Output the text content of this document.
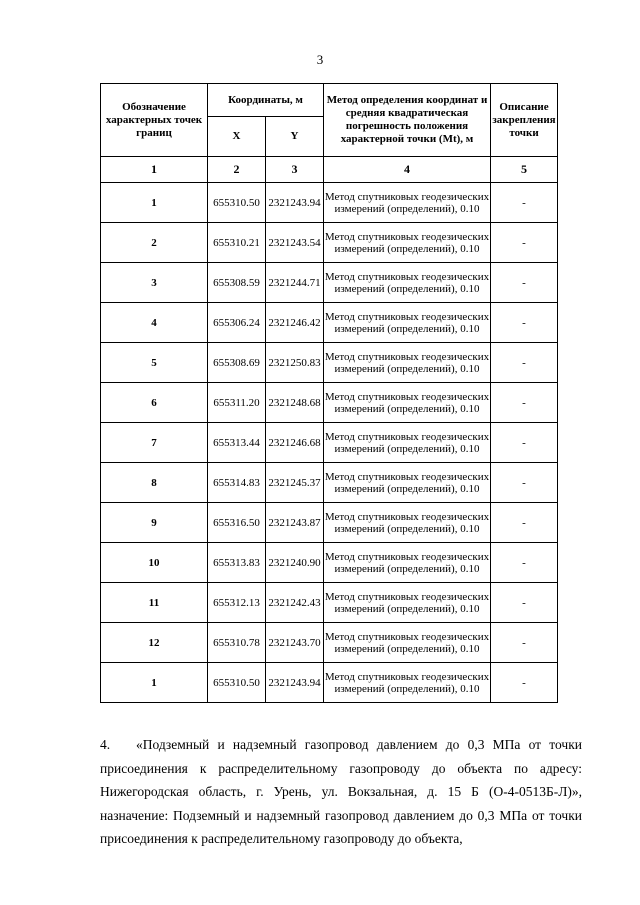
3
Обозначение характерных точек границ	Координаты, м		Метод определения координат и средняя квадратическая погрешность положения характерной точки (Mt), м	Описание закрепления точки
	X	Y		
1	2	3	4	5
1	655310.50	2321243.94	Метод спутниковых геодезических измерений (определений), 0.10	-
2	655310.21	2321243.54	Метод спутниковых геодезических измерений (определений), 0.10	-
3	655308.59	2321244.71	Метод спутниковых геодезических измерений (определений), 0.10	-
4	655306.24	2321246.42	Метод спутниковых геодезических измерений (определений), 0.10	-
5	655308.69	2321250.83	Метод спутниковых геодезических измерений (определений), 0.10	-
6	655311.20	2321248.68	Метод спутниковых геодезических измерений (определений), 0.10	-
7	655313.44	2321246.68	Метод спутниковых геодезических измерений (определений), 0.10	-
8	655314.83	2321245.37	Метод спутниковых геодезических измерений (определений), 0.10	-
9	655316.50	2321243.87	Метод спутниковых геодезических измерений (определений), 0.10	-
10	655313.83	2321240.90	Метод спутниковых геодезических измерений (определений), 0.10	-
11	655312.13	2321242.43	Метод спутниковых геодезических измерений (определений), 0.10	-
12	655310.78	2321243.70	Метод спутниковых геодезических измерений (определений), 0.10	-
1	655310.50	2321243.94	Метод спутниковых геодезических измерений (определений), 0.10	-
4. «Подземный и надземный газопровод давлением до 0,3 МПа от точки присоединения к распределительному газопроводу до объекта по адресу: Нижегородская область, г. Урень, ул. Вокзальная, д. 15 Б (О-4-0513Б-Л)», назначение: Подземный и надземный газопровод давлением до 0,3 МПа от точки присоединения к распределительному газопроводу до объекта,
